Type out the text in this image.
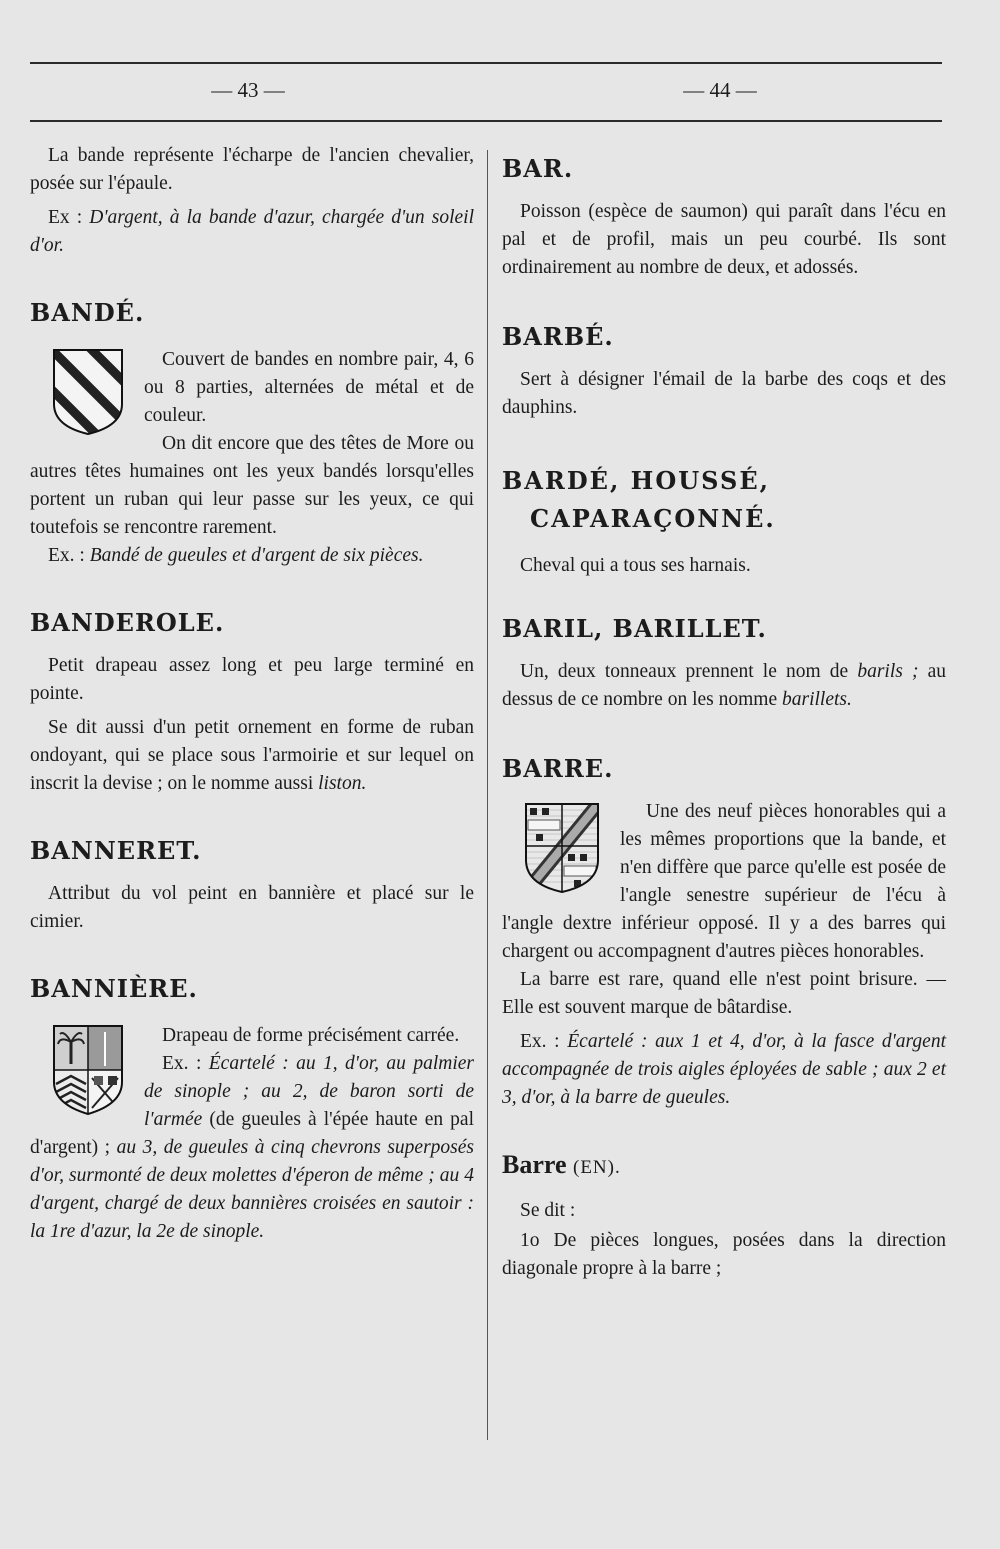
— 43 —	— 44 —

La bande représente l'écharpe de l'ancien chevalier, posée sur l'épaule.

Ex : D'argent, à la bande d'azur, chargée d'un soleil d'or.

BANDÉ.

Couvert de bandes en nombre pair, 4, 6 ou 8 parties, alternées de métal et de couleur.

On dit encore que des têtes de More ou autres têtes humaines ont les yeux bandés lorsqu'elles portent un ruban qui leur passe sur les yeux, ce qui toutefois se rencontre rarement.

Ex. : Bandé de gueules et d'argent de six pièces.

BANDEROLE.

Petit drapeau assez long et peu large terminé en pointe.

Se dit aussi d'un petit ornement en forme de ruban ondoyant, qui se place sous l'armoirie et sur lequel on inscrit la devise ; on le nomme aussi liston.

BANNERET.

Attribut du vol peint en bannière et placé sur le cimier.

BANNIÈRE.

Drapeau de forme précisément carrée.

Ex. : Écartelé : au 1, d'or, au palmier de sinople ; au 2, de baron sorti de l'armée (de gueules à l'épée haute en pal d'argent) ; au 3, de gueules à cinq chevrons superposés d'or, surmonté de deux molettes d'éperon de même ; au 4 d'argent, chargé de deux bannières croisées en sautoir : la 1re d'azur, la 2e de sinople.

BAR.

Poisson (espèce de saumon) qui paraît dans l'écu en pal et de profil, mais un peu courbé. Ils sont ordinairement au nombre de deux, et adossés.

BARBÉ.

Sert à désigner l'émail de la barbe des coqs et des dauphins.

BARDÉ, HOUSSÉ, CAPARAÇONNÉ.

Cheval qui a tous ses harnais.

BARIL, BARILLET.

Un, deux tonneaux prennent le nom de barils ; au dessus de ce nombre on les nomme barillets.

BARRE.

Une des neuf pièces honorables qui a les mêmes proportions que la bande, et n'en diffère que parce qu'elle est posée de l'angle senestre supérieur de l'écu à l'angle dextre inférieur opposé. Il y a des barres qui chargent ou accompagnent d'autres pièces honorables.

La barre est rare, quand elle n'est point brisure. — Elle est souvent marque de bâtardise.

Ex. : Écartelé : aux 1 et 4, d'or, à la fasce d'argent accompagnée de trois aigles éployées de sable ; aux 2 et 3, d'or, à la barre de gueules.

Barre (EN).

Se dit :

1o De pièces longues, posées dans la direction diagonale propre à la barre ;
